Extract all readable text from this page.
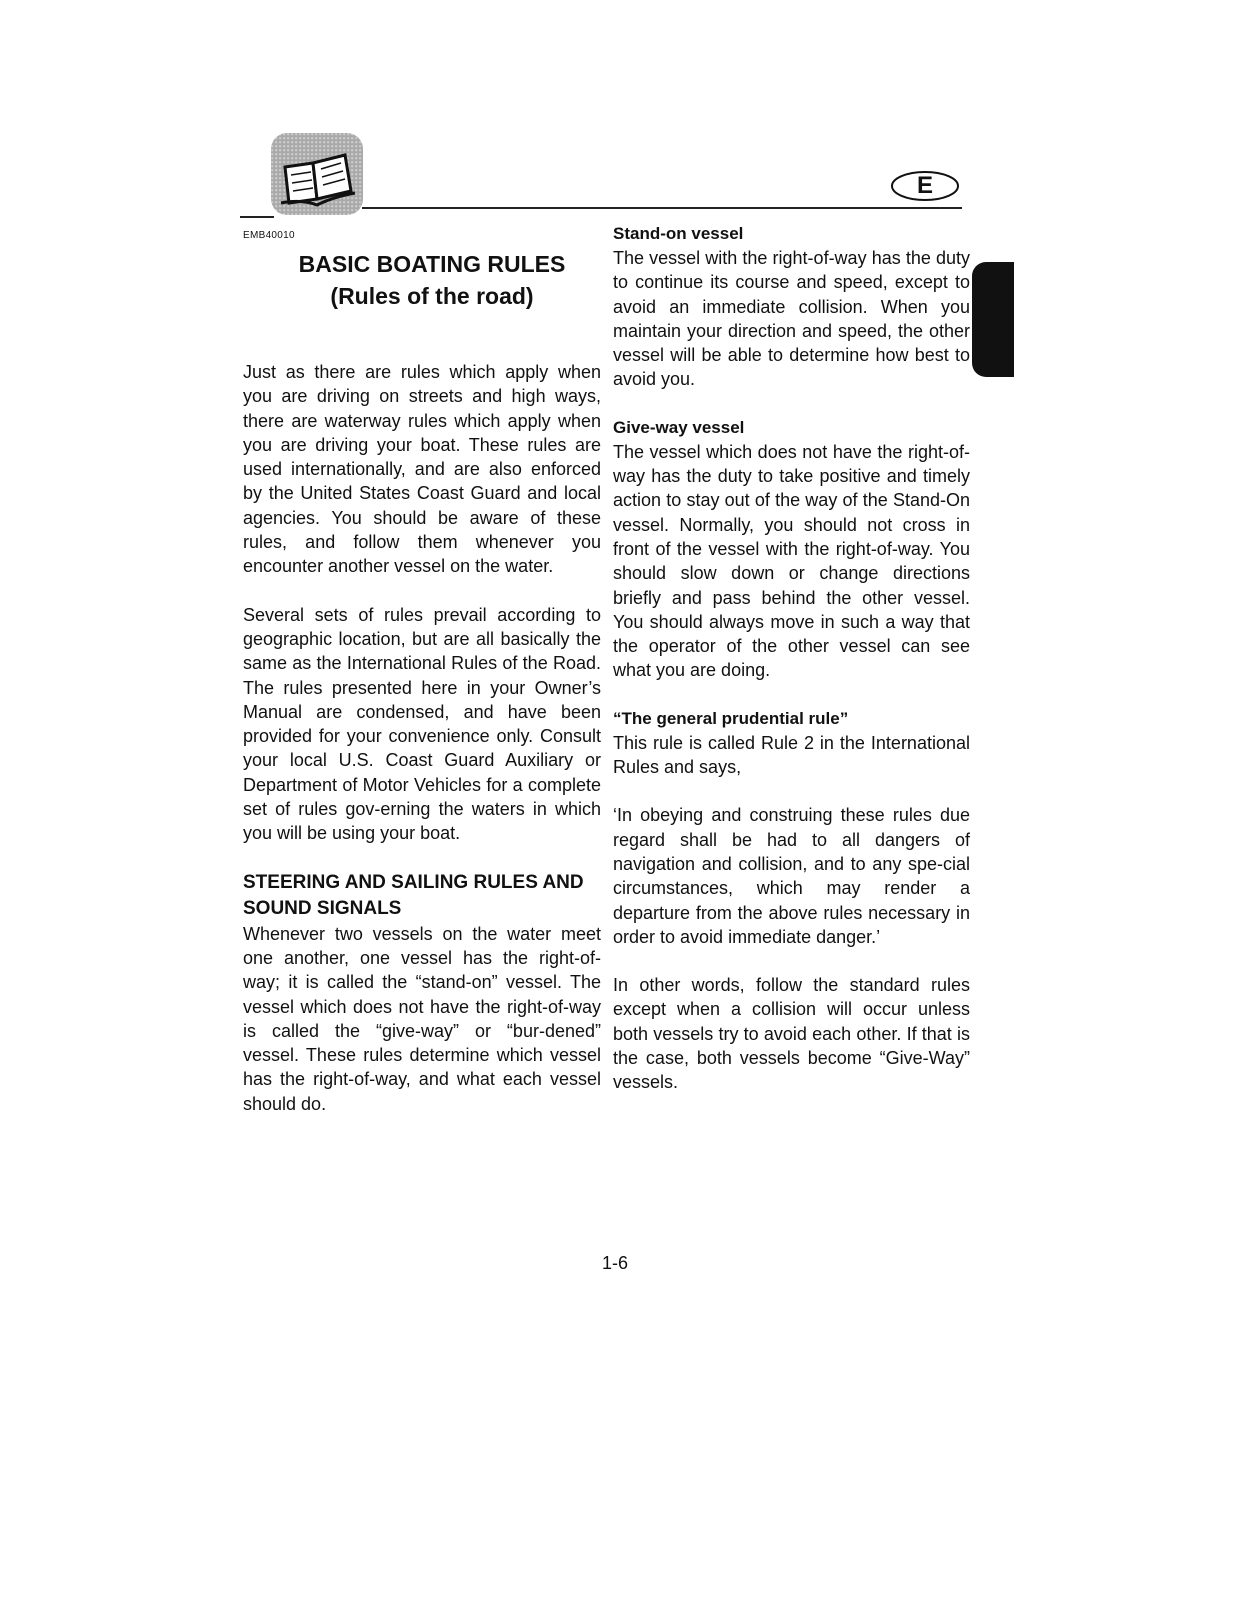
E
EMB40010
BASIC BOATING RULES
(Rules of the road)

Just as there are rules which apply when you are driving on streets and high ways, there are waterway rules which apply when you are driving your boat. These rules are used internationally, and are also enforced by the United States Coast Guard and local agencies. You should be aware of these rules, and follow them whenever you encounter another vessel on the water.

Several sets of rules prevail according to geographic location, but are all basically the same as the International Rules of the Road. The rules presented here in your Owner’s Manual are condensed, and have been provided for your convenience only. Consult your local U.S. Coast Guard Auxiliary or Department of Motor Vehicles for a complete set of rules gov-erning the waters in which you will be using your boat.

STEERING AND SAILING RULES AND SOUND SIGNALS

Whenever two vessels on the water meet one another, one vessel has the right-of-way; it is called the “stand-on” vessel. The vessel which does not have the right-of-way is called the “give-way” or “bur-dened” vessel. These rules determine which vessel has the right-of-way, and what each vessel should do.

Stand-on vessel

The vessel with the right-of-way has the duty to continue its course and speed, except to avoid an immediate collision. When you maintain your direction and speed, the other vessel will be able to determine how best to avoid you.

Give-way vessel

The vessel which does not have the right-of-way has the duty to take positive and timely action to stay out of the way of the Stand-On vessel. Normally, you should not cross in front of the vessel with the right-of-way. You should slow down or change directions briefly and pass behind the other vessel. You should always move in such a way that the operator of the other vessel can see what you are doing.

“The general prudential rule”

This rule is called Rule 2 in the International Rules and says,

‘In obeying and construing these rules due regard shall be had to all dangers of navigation and collision, and to any spe-cial circumstances, which may render a departure from the above rules necessary in order to avoid immediate danger.’

In other words, follow the standard rules except when a collision will occur unless both vessels try to avoid each other. If that is the case, both vessels become “Give-Way” vessels.

1-6
